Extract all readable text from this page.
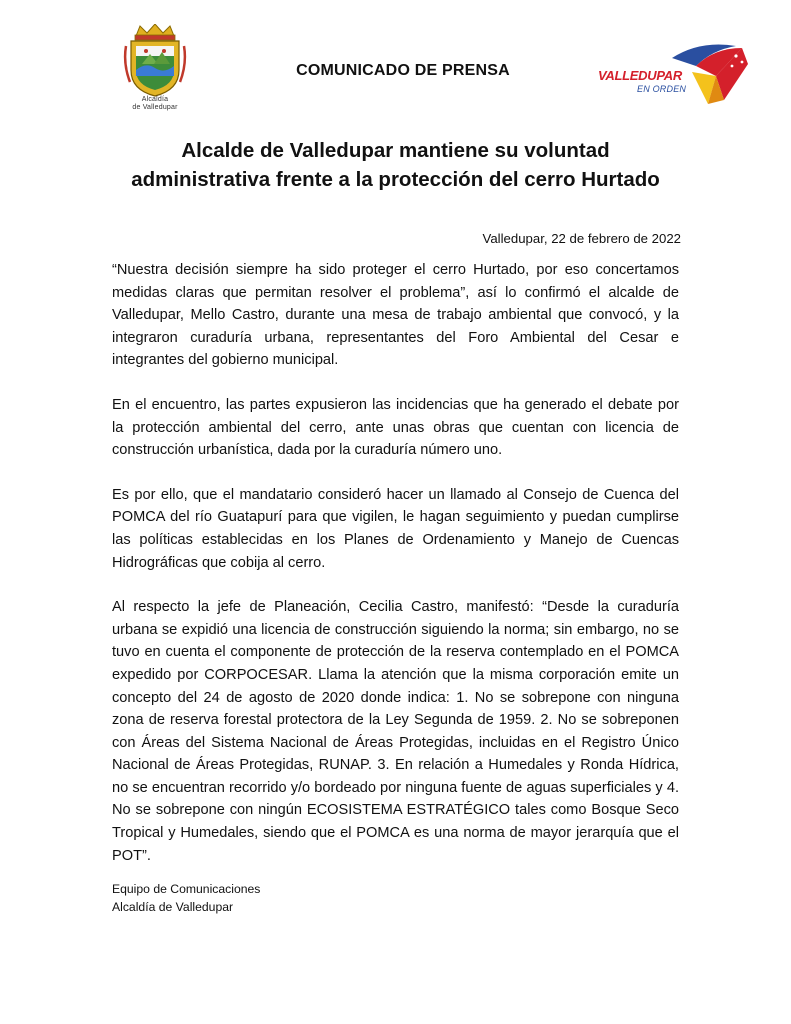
Alcaldía
de Valledupar
COMUNICADO DE PRENSA	VALLEDUPAR
EN ORDEN
Alcalde de Valledupar mantiene su voluntad administrativa frente a la protección del cerro Hurtado
Valledupar, 22 de febrero de 2022

“Nuestra decisión siempre ha sido proteger el cerro Hurtado, por eso concertamos medidas claras que permitan resolver el problema”, así lo confirmó el alcalde de Valledupar, Mello Castro, durante una mesa de trabajo ambiental que convocó, y la integraron curaduría urbana, representantes del Foro Ambiental del Cesar e integrantes del gobierno municipal.

En el encuentro, las partes expusieron las incidencias que ha generado el debate por la protección ambiental del cerro, ante unas obras que cuentan con licencia de construcción urbanística, dada por la curaduría número uno.

Es por ello, que el mandatario consideró hacer un llamado al Consejo de Cuenca del POMCA del río Guatapurí para que vigilen, le hagan seguimiento y puedan cumplirse las políticas establecidas en los Planes de Ordenamiento y Manejo de Cuencas Hidrográficas que cobija al cerro.

Al respecto la jefe de Planeación, Cecilia Castro, manifestó: “Desde la curaduría urbana se expidió una licencia de construcción siguiendo la norma; sin embargo, no se tuvo en cuenta el componente de protección de la reserva contemplado en el POMCA expedido por CORPOCESAR. Llama la atención que la misma corporación emite un concepto del 24 de agosto de 2020 donde indica: 1. No se sobrepone con ninguna zona de reserva forestal protectora de la Ley Segunda de 1959. 2. No se sobreponen con Áreas del Sistema Nacional de Áreas Protegidas, incluidas en el Registro Único Nacional de Áreas Protegidas, RUNAP. 3. En relación a Humedales y Ronda Hídrica, no se encuentran recorrido y/o bordeado por ninguna fuente de aguas superficiales y 4. No se sobrepone con ningún ECOSISTEMA ESTRATÉGICO tales como Bosque Seco Tropical y Humedales, siendo que el POMCA es una norma de mayor jerarquía que el POT”.

Equipo de Comunicaciones
Alcaldía de Valledupar
